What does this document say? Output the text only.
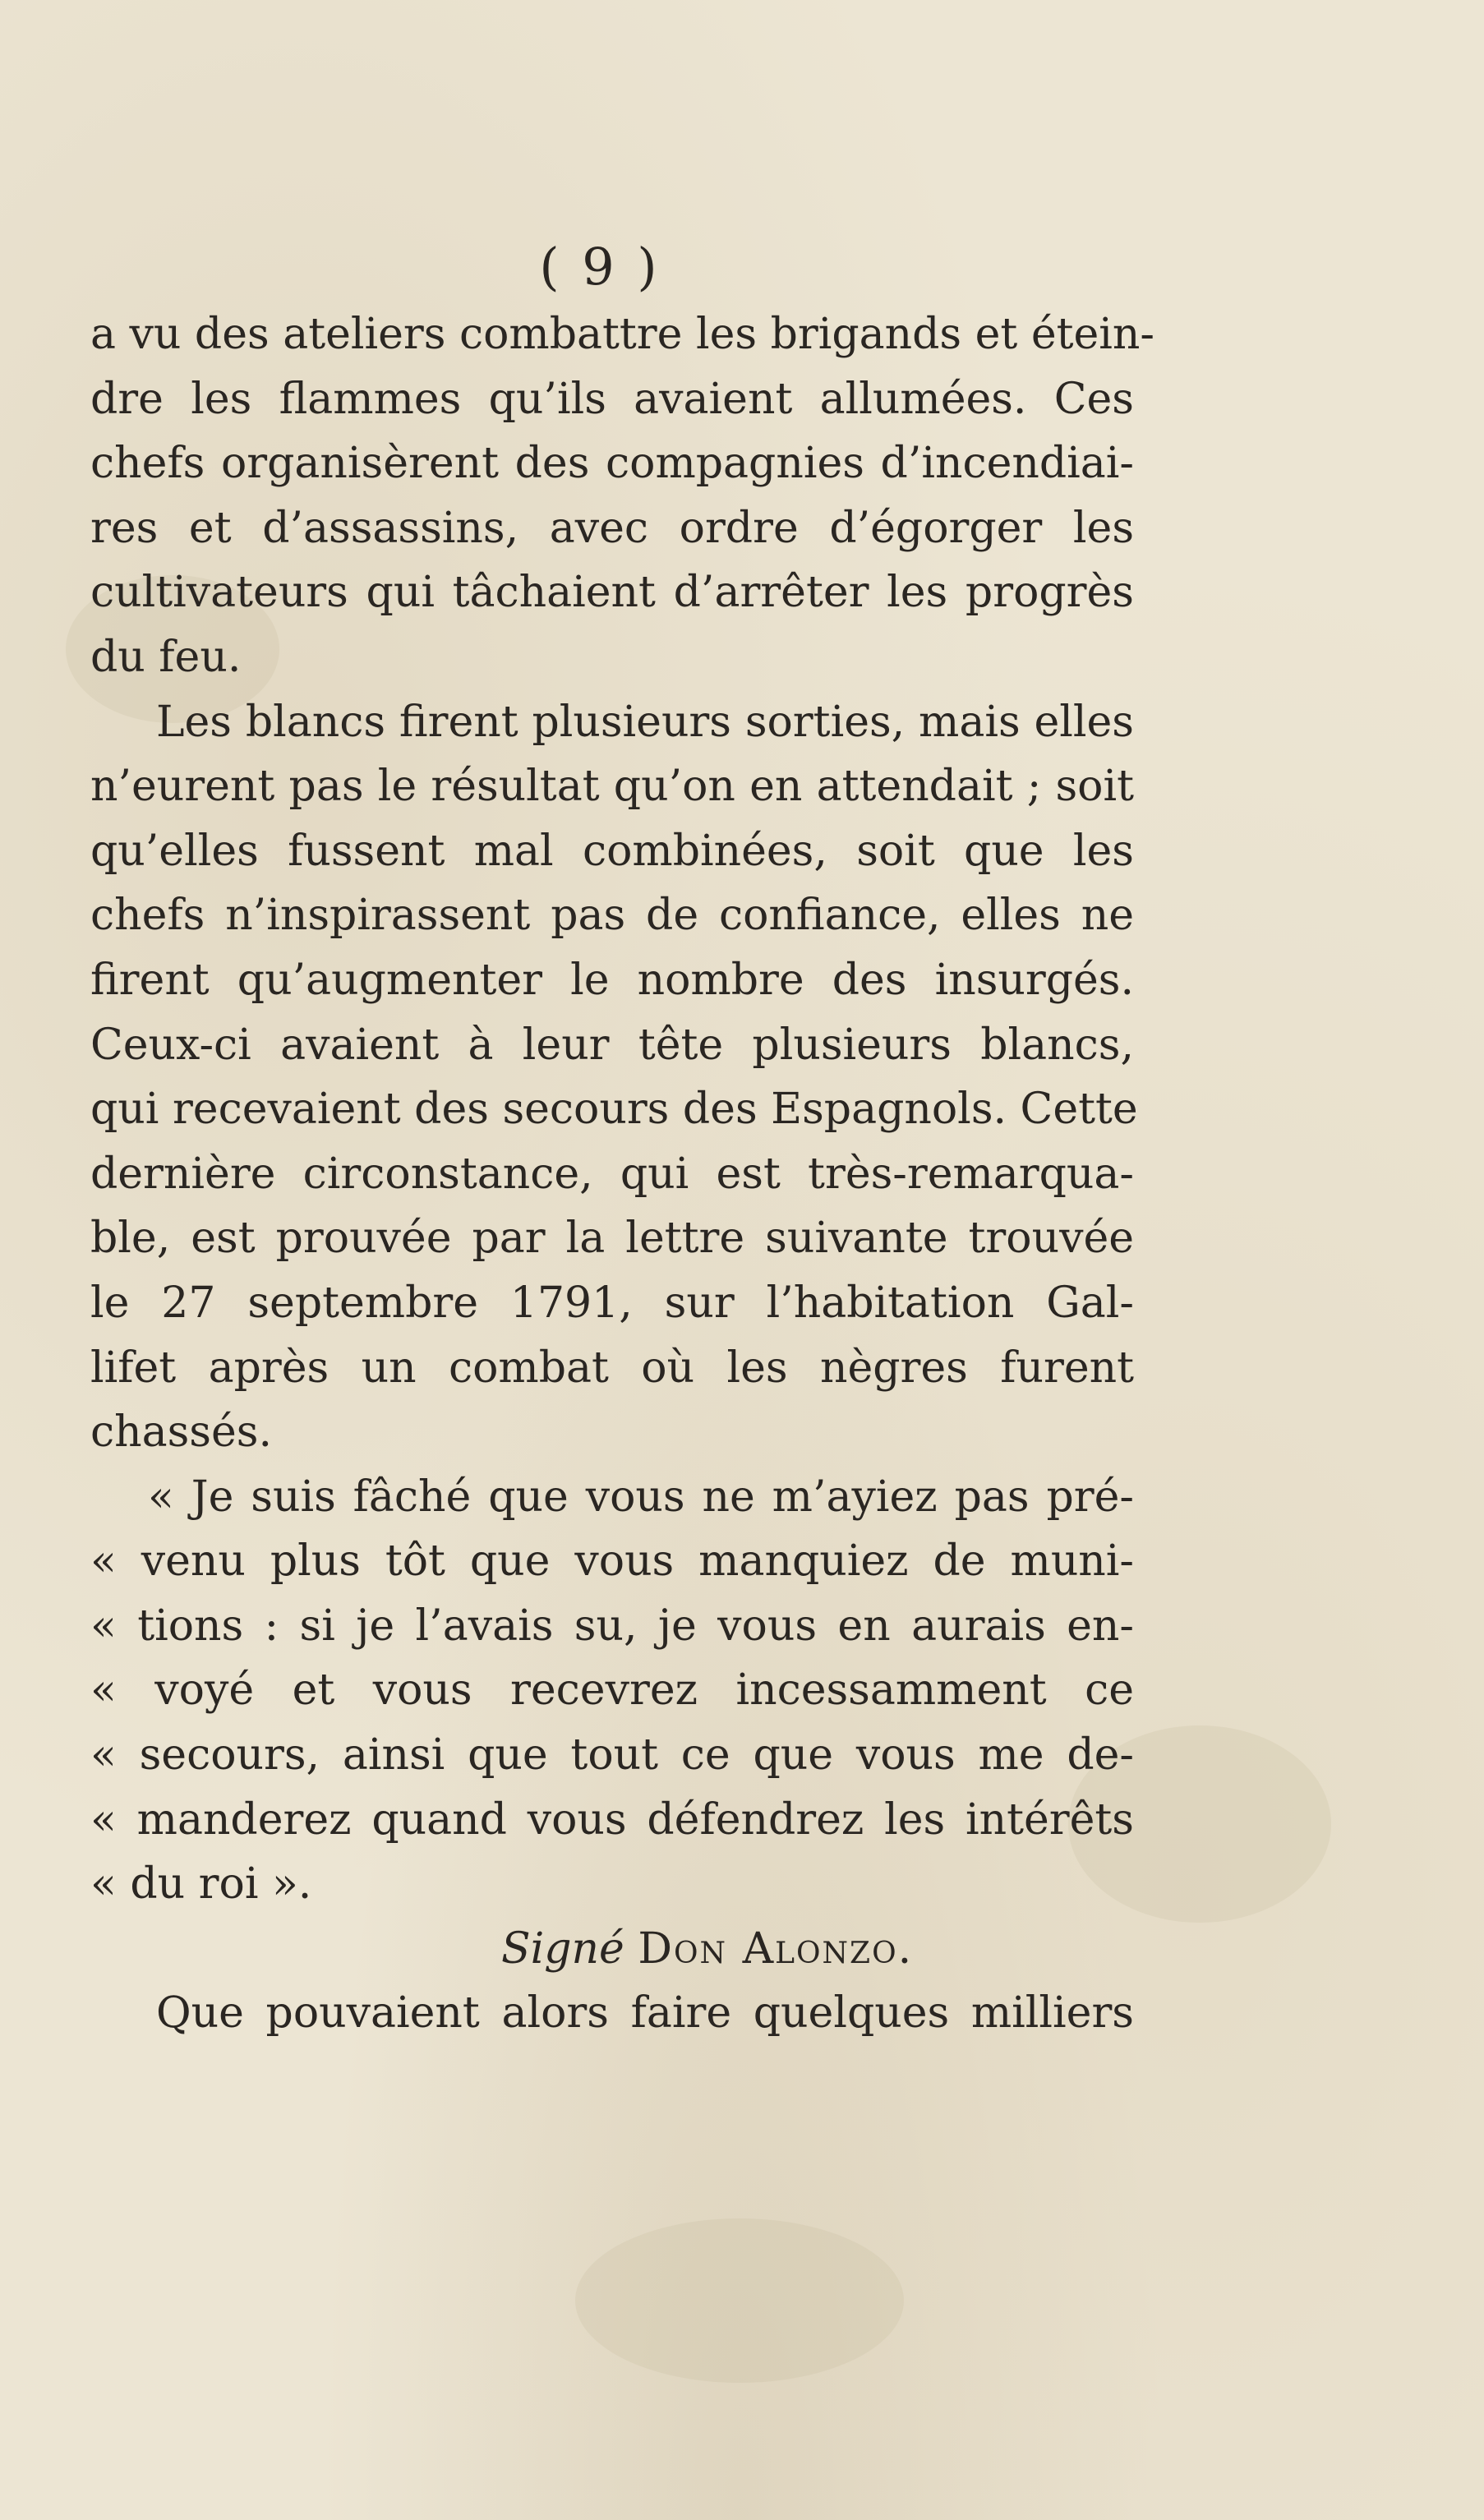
( 9 )
a vu des ateliers combattre les brigands et étein-
dre les flammes qu’ils avaient allumées. Ces
chefs organisèrent des compagnies d’incendiai-
res et d’assassins, avec ordre d’égorger les
cultivateurs qui tâchaient d’arrêter les progrès
du feu.
Les blancs firent plusieurs sorties, mais elles
n’eurent pas le résultat qu’on en attendait ; soit
qu’elles fussent mal combinées, soit que les
chefs n’inspirassent pas de confiance, elles ne
firent qu’augmenter le nombre des insurgés.
Ceux-ci avaient à leur tête plusieurs blancs,
qui recevaient des secours des Espagnols. Cette
dernière circonstance, qui est très-remarqua-
ble, est prouvée par la lettre suivante trouvée
le 27 septembre 1791, sur l’habitation Gal-
lifet après un combat où les nègres furent
chassés.
« Je suis fâché que vous ne m’ayiez pas pré-
« venu plus tôt que vous manquiez de muni-
« tions : si je l’avais su, je vous en aurais en-
« voyé et vous recevrez incessamment ce
« secours, ainsi que tout ce que vous me de-
« manderez quand vous défendrez les intérêts
« du roi ».
Signé Don Alonzo.
Que pouvaient alors faire quelques milliers
